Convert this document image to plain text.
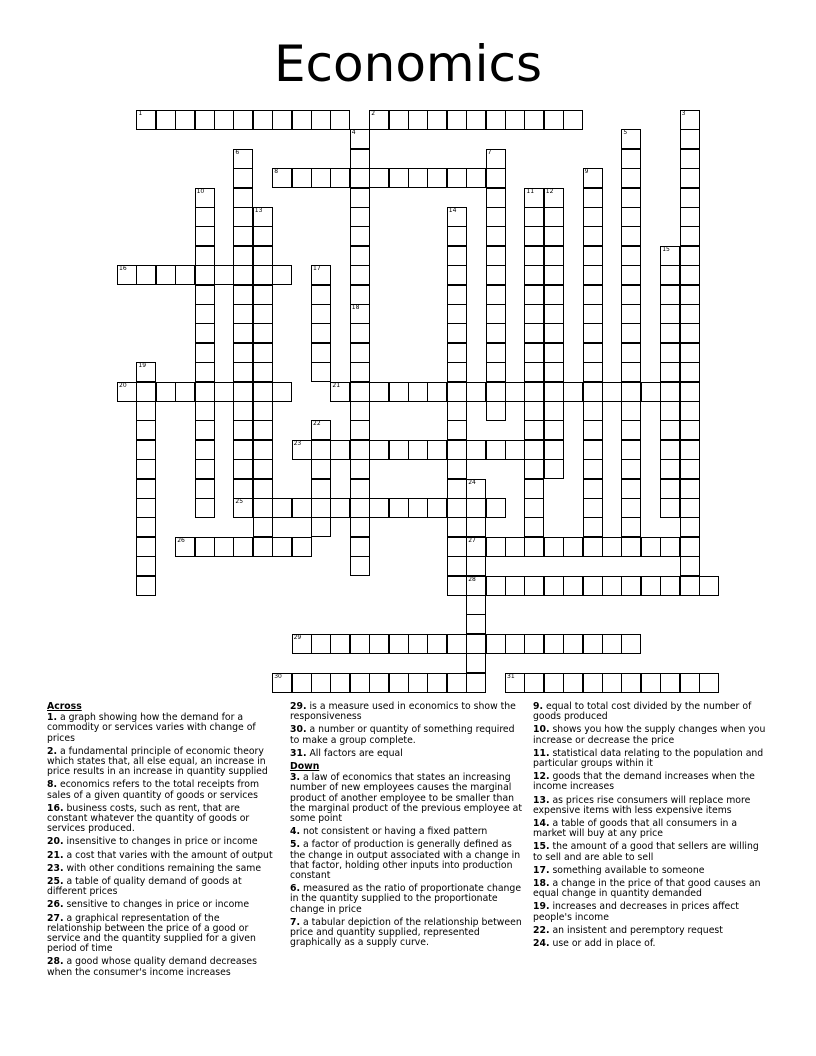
Economics
1	2	3
4
18
5
6
25
7
8	9
10	11 12
13	14
15
16	17
19
20	21
22
23
24
27
28
26
29
30	31

Across

1. a graph showing how the demand for a commodity or services varies with change of prices

2. a fundamental principle of economic theory which states that, all else equal, an increase in price results in an increase in quantity supplied

8. economics refers to the total receipts from sales of a given quantity of goods or services

16. business costs, such as rent, that are constant whatever the quantity of goods or services produced.

20. insensitive to changes in price or income

21. a cost that varies with the amount of output

23. with other conditions remaining the same

25. a table of quality demand of goods at different prices

26. sensitive to changes in price or income

27. a graphical representation of the relationship between the price of a good or service and the quantity supplied for a given period of time

28. a good whose quality demand decreases when the consumer's income increases

29. is a measure used in economics to show the responsiveness

30. a number or quantity of something required to make a group complete.

31. All factors are equal

Down

3. a law of economics that states an increasing number of new employees causes the marginal product of another employee to be smaller than the marginal product of the previous employee at some point

4. not consistent or having a fixed pattern

5. a factor of production is generally defined as the change in output associated with a change in that factor, holding other inputs into production constant

6. measured as the ratio of proportionate change in the quantity supplied to the proportionate change in price

7. a tabular depiction of the relationship between price and quantity supplied, represented graphically as a supply curve.

9. equal to total cost divided by the number of goods produced

10. shows you how the supply changes when you increase or decrease the price

11. statistical data relating to the population and particular groups within it

12. goods that the demand increases when the income increases

13. as prices rise consumers will replace more expensive items with less expensive items

14. a table of goods that all consumers in a market will buy at any price

15. the amount of a good that sellers are willing to sell and are able to sell

17. something available to someone

18. a change in the price of that good causes an equal change in quantity demanded

19. increases and decreases in prices affect people's income

22. an insistent and peremptory request

24. use or add in place of.
